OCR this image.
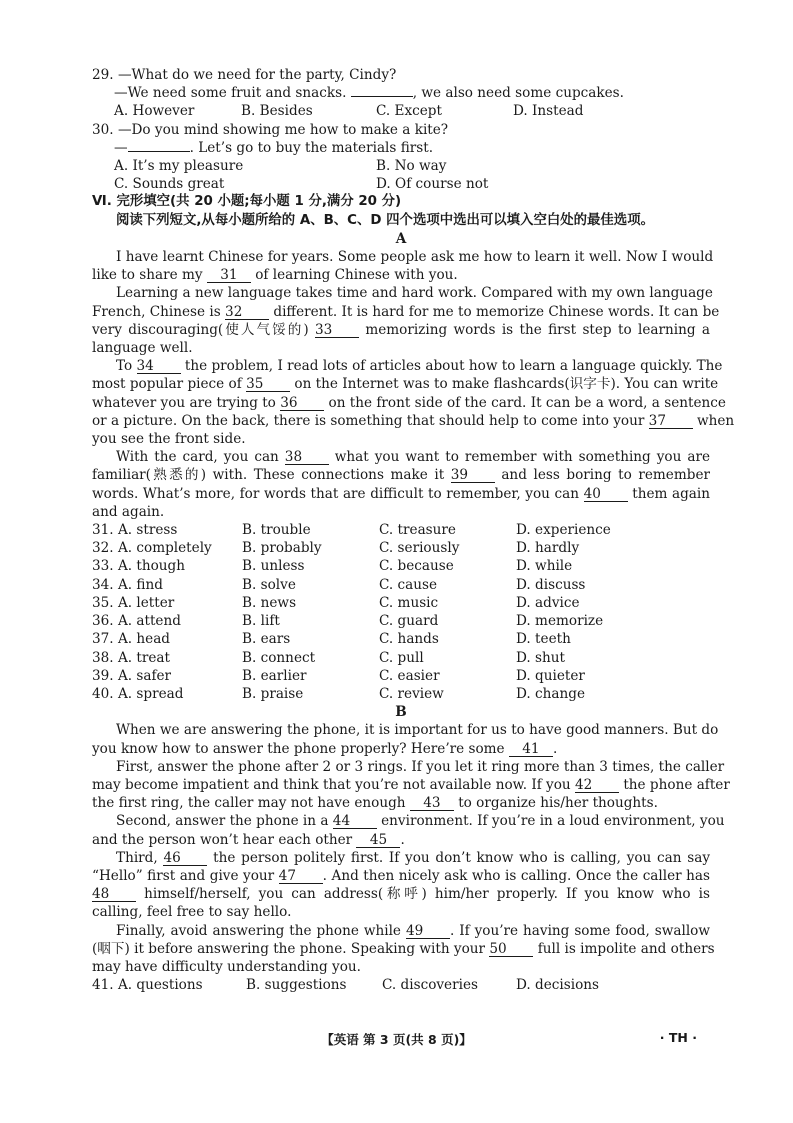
29. —What do we need for the party, Cindy?
—We need some fruit and snacks.	, we also need some cupcakes.
A. However	B. Besides	C. Except	D. Instead
30. —Do you mind showing me how to make a kite?
—	. Let’s go to buy the materials first.
A. It’s my pleasure	B. No way
C. Sounds great	D. Of course not
Ⅵ. 完形填空(共 20 小题;每小题 1 分,满分 20 分)
阅读下列短文,从每小题所给的 A、B、C、D 四个选项中选出可以填入空白处的最佳选项。
A
I have learnt Chinese for years. Some people ask me how to learn it well. Now I would
like to share my 31 of learning Chinese with you.
Learning a new language takes time and hard work. Compared with my own language
French, Chinese is 32 different. It is hard for me to memorize Chinese words. It can be
very discouraging(使人气馁的) 33 memorizing words is the first step to learning a
language well.
To 34 the problem, I read lots of articles about how to learn a language quickly. The
most popular piece of 35 on the Internet was to make flashcards(识字卡). You can write
whatever you are trying to 36 on the front side of the card. It can be a word, a sentence
or a picture. On the back, there is something that should help to come into your 37 when
you see the front side.
With the card, you can 38 what you want to remember with something you are
familiar(熟悉的) with. These connections make it 39 and less boring to remember
words. What’s more, for words that are difficult to remember, you can 40 them again
and again.
31. A. stress	B. trouble	C. treasure	D. experience
32. A. completely	B. probably	C. seriously	D. hardly
33. A. though	B. unless	C. because	D. while
34. A. find	B. solve	C. cause	D. discuss
35. A. letter	B. news	C. music	D. advice
36. A. attend	B. lift	C. guard	D. memorize
37. A. head	B. ears	C. hands	D. teeth
38. A. treat	B. connect	C. pull	D. shut
39. A. safer	B. earlier	C. easier	D. quieter
40. A. spread	B. praise	C. review	D. change
B
When we are answering the phone, it is important for us to have good manners. But do
you know how to answer the phone properly? Here’re some 41 .
First, answer the phone after 2 or 3 rings. If you let it ring more than 3 times, the caller
may become impatient and think that you’re not available now. If you 42 the phone after
the first ring, the caller may not have enough 43 to organize his/her thoughts.
Second, answer the phone in a 44 environment. If you’re in a loud environment, you
and the person won’t hear each other 45 .
Third, 46 the person politely first. If you don’t know who is calling, you can say
“Hello” first and give your 47 . And then nicely ask who is calling. Once the caller has
48	himself/herself, you can address(称呼) him/her properly. If you know who is
calling, feel free to say hello.
Finally, avoid answering the phone while 49 . If you’re having some food, swallow
(咽下) it before answering the phone. Speaking with your 50 full is impolite and others
may have difficulty understanding you.
41. A. questions	B. suggestions	C. discoveries	D. decisions
【英语 第 3 页(共 8 页)】	· TH ·
